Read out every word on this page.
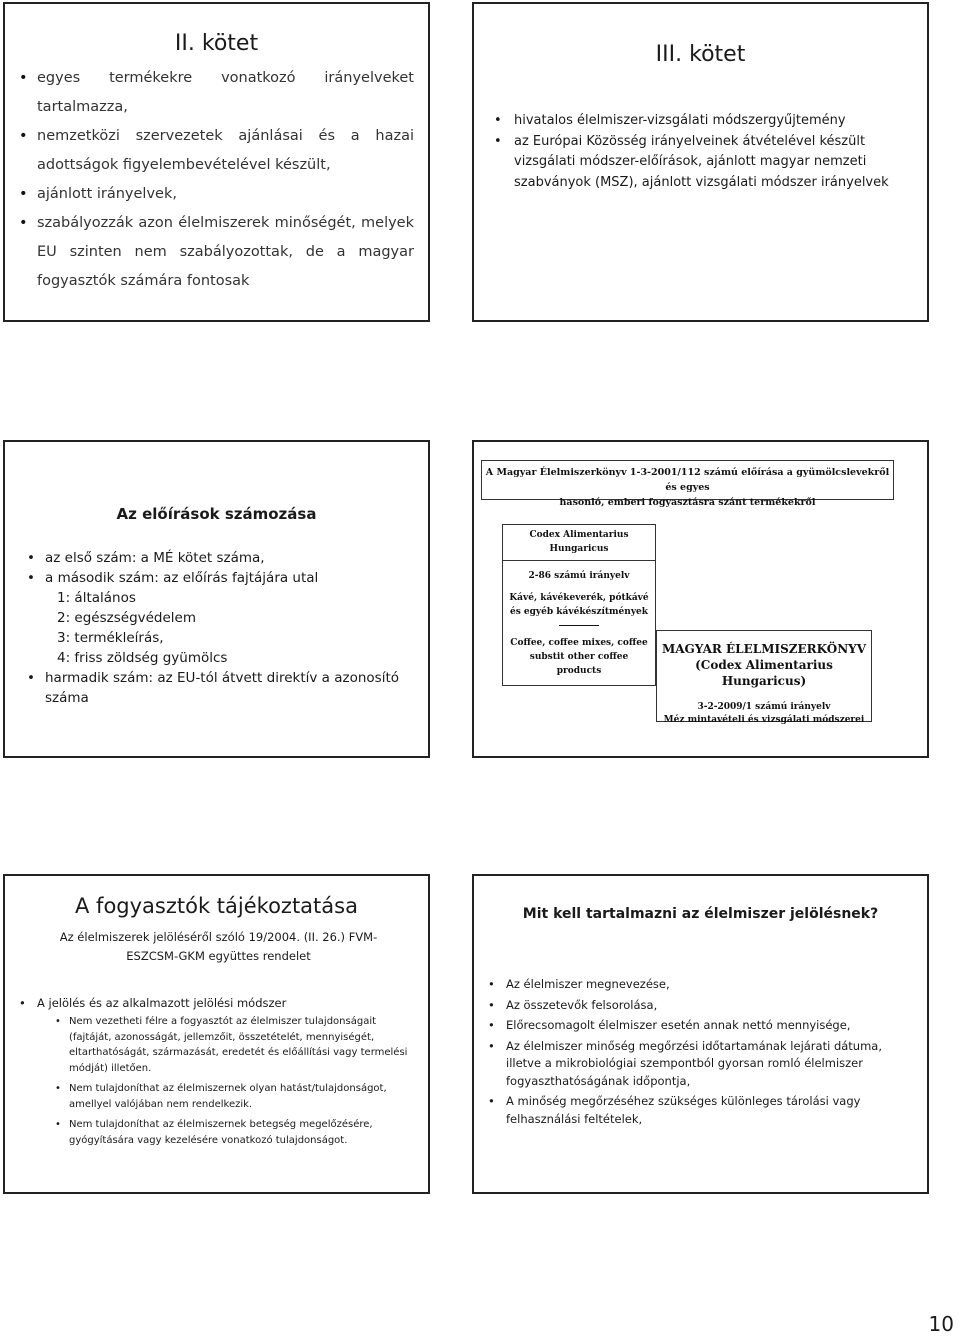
II. kötet
• egyes termékekre vonatkozó irányelveket tartalmazza,
• nemzetközi szervezetek ajánlásai és a hazai adottságok figyelembevételével készült,
• ajánlott irányelvek,
• szabályozzák azon élelmiszerek minőségét, melyek EU szinten nem szabályozottak, de a magyar fogyasztók számára fontosak
III. kötet
• hivatalos élelmiszer-vizsgálati módszergyűjtemény
• az Európai Közösség irányelveinek átvételével készült vizsgálati módszer-előírások, ajánlott magyar nemzeti szabványok (MSZ), ajánlott vizsgálati módszer irányelvek
Az előírások számozása
• az első szám: a MÉ kötet száma,
• a második szám: az előírás fajtájára utal
1: általános
2: egészségvédelem
3: termékleírás,
4: friss zöldség gyümölcs
• harmadik szám: az EU-tól átvett direktív a azonosító száma
A Magyar Élelmiszerkönyv 1-3-2001/112 számú előírása a gyümölcslevekről és egyes
hasonló, emberi fogyasztásra szánt termékekről
Codex Alimentarius Hungaricus
2-86 számú irányelv
Kávé, kávékeverék, pótkávé és egyéb kávékészítmények
Coffee, coffee mixes, coffee substit other coffee products
MAGYAR ÉLELMISZERKÖNYV
(Codex Alimentarius Hungaricus)
3-2-2009/1 számú irányelv
Méz mintavételi és vizsgálati módszerei
A fogyasztók tájékoztatása
Az élelmiszerek jelöléséről szóló 19/2004. (II. 26.) FVM-ESZCSM-GKM együttes rendelet
• A jelölés és az alkalmazott jelölési módszer
• Nem vezetheti félre a fogyasztót az élelmiszer tulajdonságait (fajtáját, azonosságát, jellemzőit, összetételét, mennyiségét, eltarthatóságát, származását, eredetét és előállítási vagy termelési módját) illetően.
• Nem tulajdoníthat az élelmiszernek olyan hatást/tulajdonságot, amellyel valójában nem rendelkezik.
• Nem tulajdoníthat az élelmiszernek betegség megelőzésére, gyógyítására vagy kezelésére vonatkozó tulajdonságot.
Mit kell tartalmazni az élelmiszer jelölésnek?
• Az élelmiszer megnevezése,
• Az összetevők felsorolása,
• Előrecsomagolt élelmiszer esetén annak nettó mennyisége,
• Az élelmiszer minőség megőrzési időtartamának lejárati dátuma, illetve a mikrobiológiai szempontból gyorsan romló élelmiszer fogyaszthatóságának időpontja,
• A minőség megőrzéséhez szükséges különleges tárolási vagy felhasználási feltételek,
10
